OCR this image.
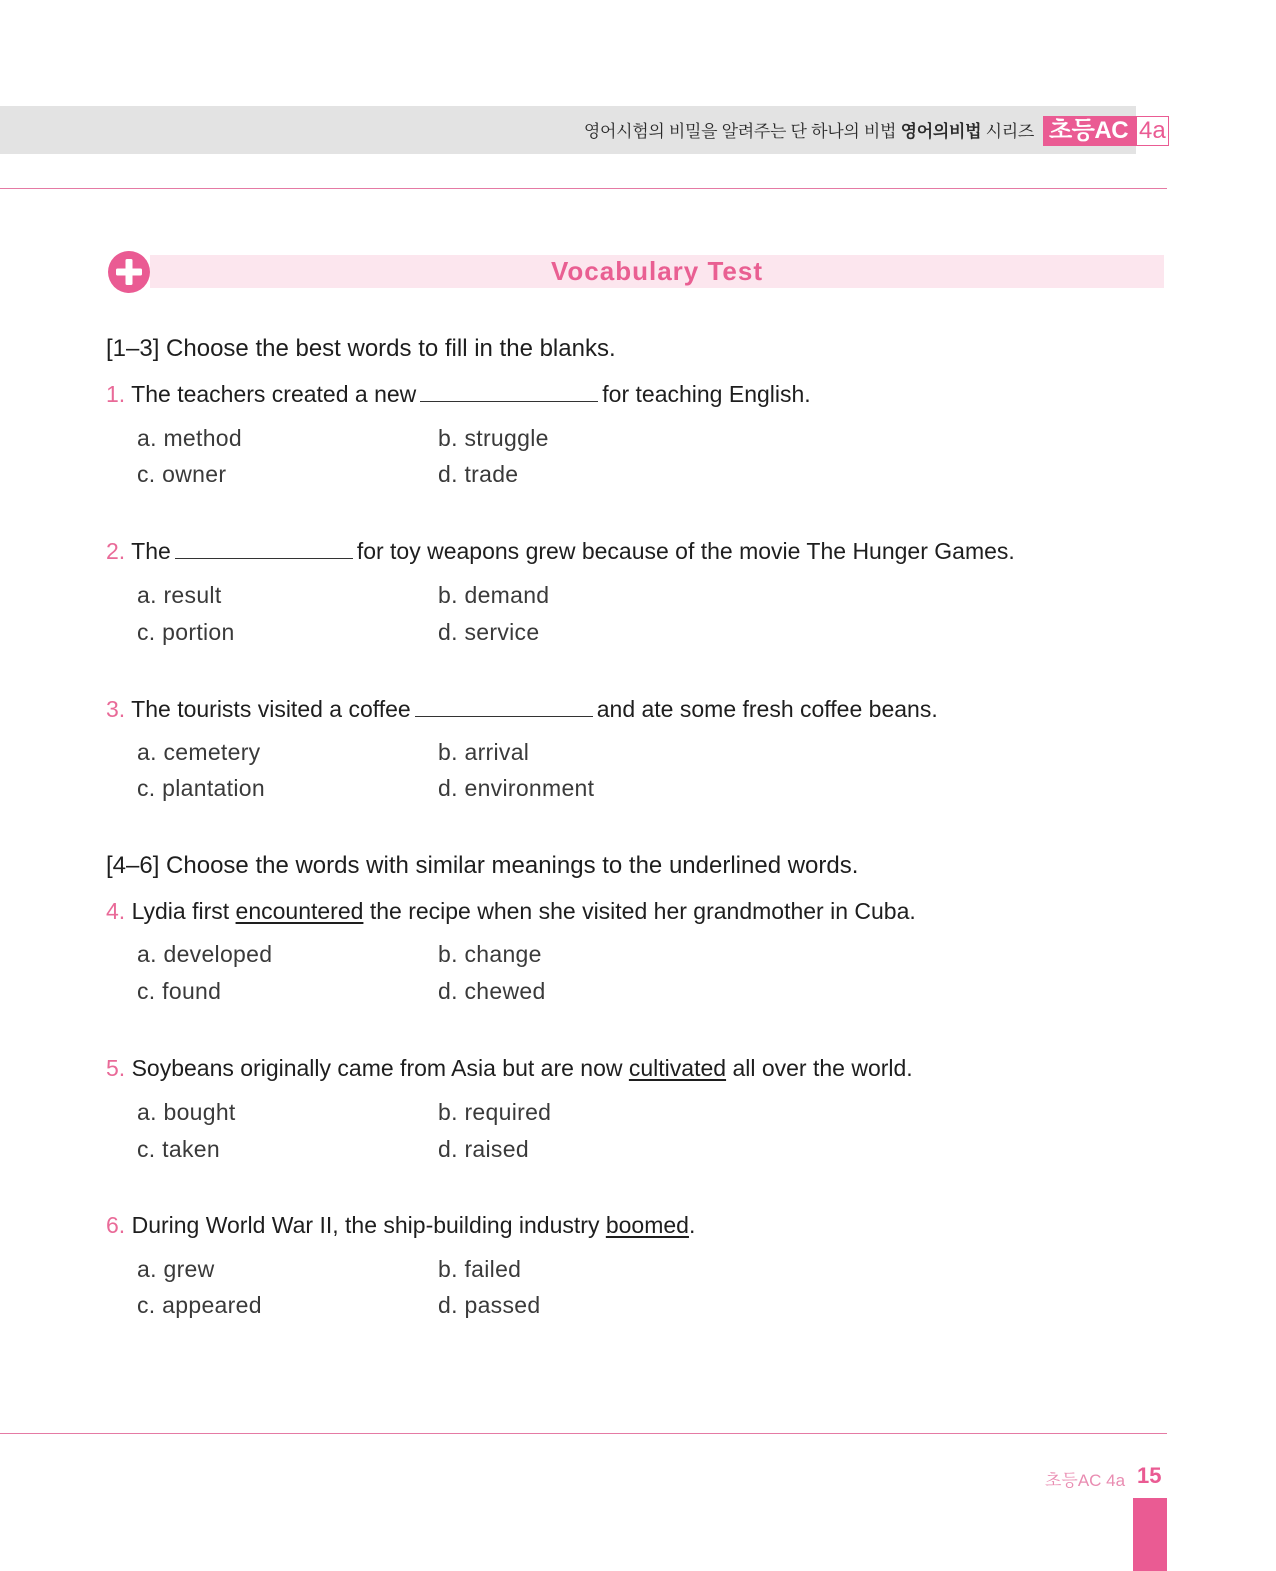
영어시험의 비밀을 알려주는 단 하나의 비법 영어의비법 시리즈 초등AC 4a
Vocabulary Test
[1–3] Choose the best words to fill in the blanks.
1. The teachers created a new	for teaching English.
a. method	b. struggle
c. owner	d. trade
2. The	for toy weapons grew because of the movie The Hunger Games.
a. result	b. demand
c. portion	d. service
3. The tourists visited a coffee	and ate some fresh coffee beans.
a. cemetery	b. arrival
c. plantation	d. environment
[4–6] Choose the words with similar meanings to the underlined words.
4. Lydia first encountered the recipe when she visited her grandmother in Cuba.
a. developed	b. change
c. found	d. chewed
5. Soybeans originally came from Asia but are now cultivated all over the world.
a. bought	b. required
c. taken	d. raised
6. During World War II, the ship-building industry boomed.
a. grew	b. failed
c. appeared	d. passed
초등AC 4a 15
